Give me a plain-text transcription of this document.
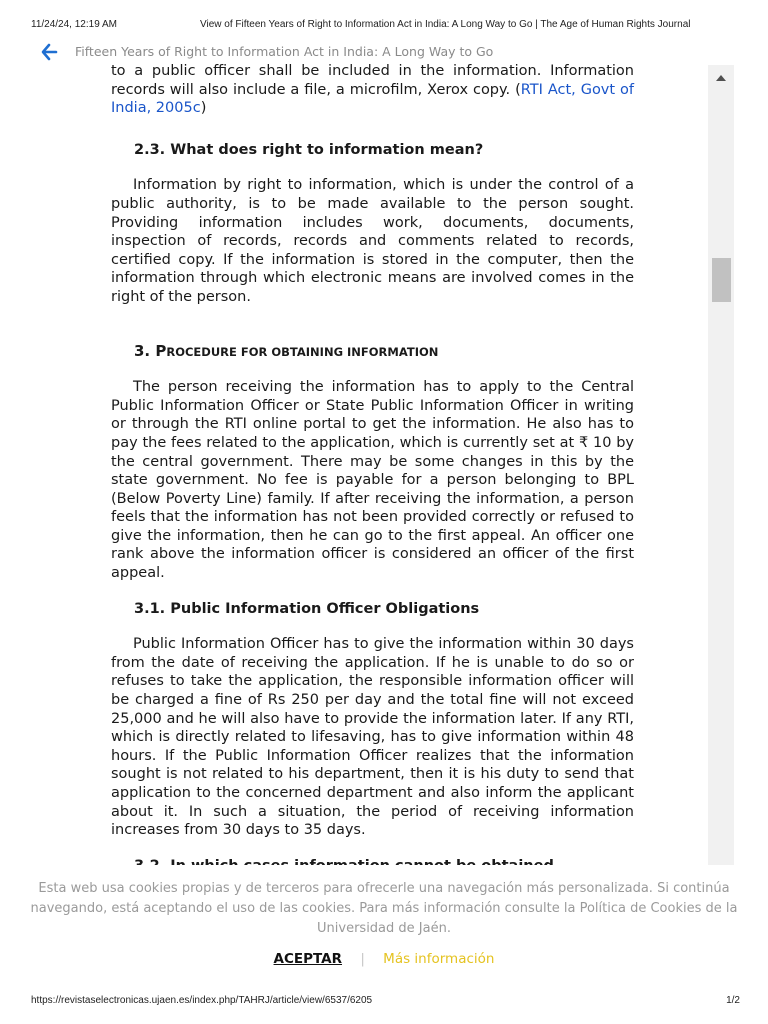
11/24/24, 12:19 AM	View of Fifteen Years of Right to Information Act in India: A Long Way to Go | The Age of Human Rights Journal
Fifteen Years of Right to Information Act in India: A Long Way to Go

to a public officer shall be included in the information. Information records will also include a file, a microfilm, Xerox copy. (RTI Act, Govt of India, 2005c)

2.3. What does right to information mean?

Information by right to information, which is under the control of a public authority, is to be made available to the person sought. Providing information includes work, documents, documents, inspection of records, records and comments related to records, certified copy. If the information is stored in the computer, then the information through which electronic means are involved comes in the right of the person.

3. PROCEDURE FOR OBTAINING INFORMATION

The person receiving the information has to apply to the Central Public Information Officer or State Public Information Officer in writing or through the RTI online portal to get the information. He also has to pay the fees related to the application, which is currently set at ₹ 10 by the central government. There may be some changes in this by the state government. No fee is payable for a person belonging to BPL (Below Poverty Line) family. If after receiving the information, a person feels that the information has not been provided correctly or refused to give the information, then he can go to the first appeal. An officer one rank above the information officer is considered an officer of the first appeal.

3.1. Public Information Officer Obligations

Public Information Officer has to give the information within 30 days from the date of receiving the application. If he is unable to do so or refuses to take the application, the responsible information officer will be charged a fine of Rs 250 per day and the total fine will not exceed 25,000 and he will also have to provide the information later. If any RTI, which is directly related to lifesaving, has to give information within 48 hours. If the Public Information Officer realizes that the information sought is not related to his department, then it is his duty to send that application to the concerned department and also inform the applicant about it. In such a situation, the period of receiving information increases from 30 days to 35 days.

Esta web usa cookies propias y de terceros para ofrecerle una navegación más personalizada. Si continúa navegando, está aceptando el uso de las cookies. Para más información consulte la Política de Cookies de la Universidad de Jaén.
ACEPTAR | Más información
https://revistaselectronicas.ujaen.es/index.php/TAHRJ/article/view/6537/6205	1/2
